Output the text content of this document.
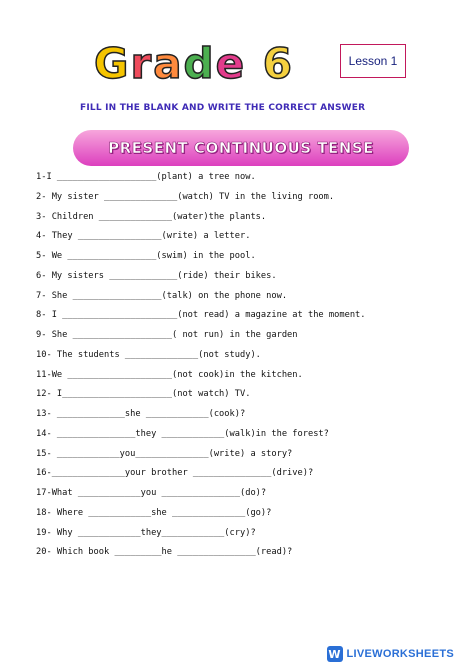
Grade 6	Lesson 1
FILL IN THE BLANK AND WRITE THE CORRECT ANSWER
PRESENT CONTINUOUS TENSE
1-I ___________________(plant) a tree now.
2- My sister ______________(watch) TV in the living room.
3- Children ______________(water)the plants.
4- They ________________(write) a letter.
5- We _________________(swim) in the pool.
6- My sisters _____________(ride) their bikes.
7- She _________________(talk) on the phone now.
8- I ______________________(not read) a magazine at the moment.
9- She ___________________( not run) in the garden
10- The students ______________(not study).
11-We ____________________(not cook)in the kitchen.
12- I_____________________(not watch) TV.
13- _____________she ____________(cook)?
14- _______________they ____________(walk)in the forest?
15- ____________you______________(write) a story?
16-______________your brother _______________(drive)?
17-What ____________you _______________(do)?
18- Where ____________she ______________(go)?
19- Why ____________they____________(cry)?
20- Which book _________he _______________(read)?
W LIVEWORKSHEETS
